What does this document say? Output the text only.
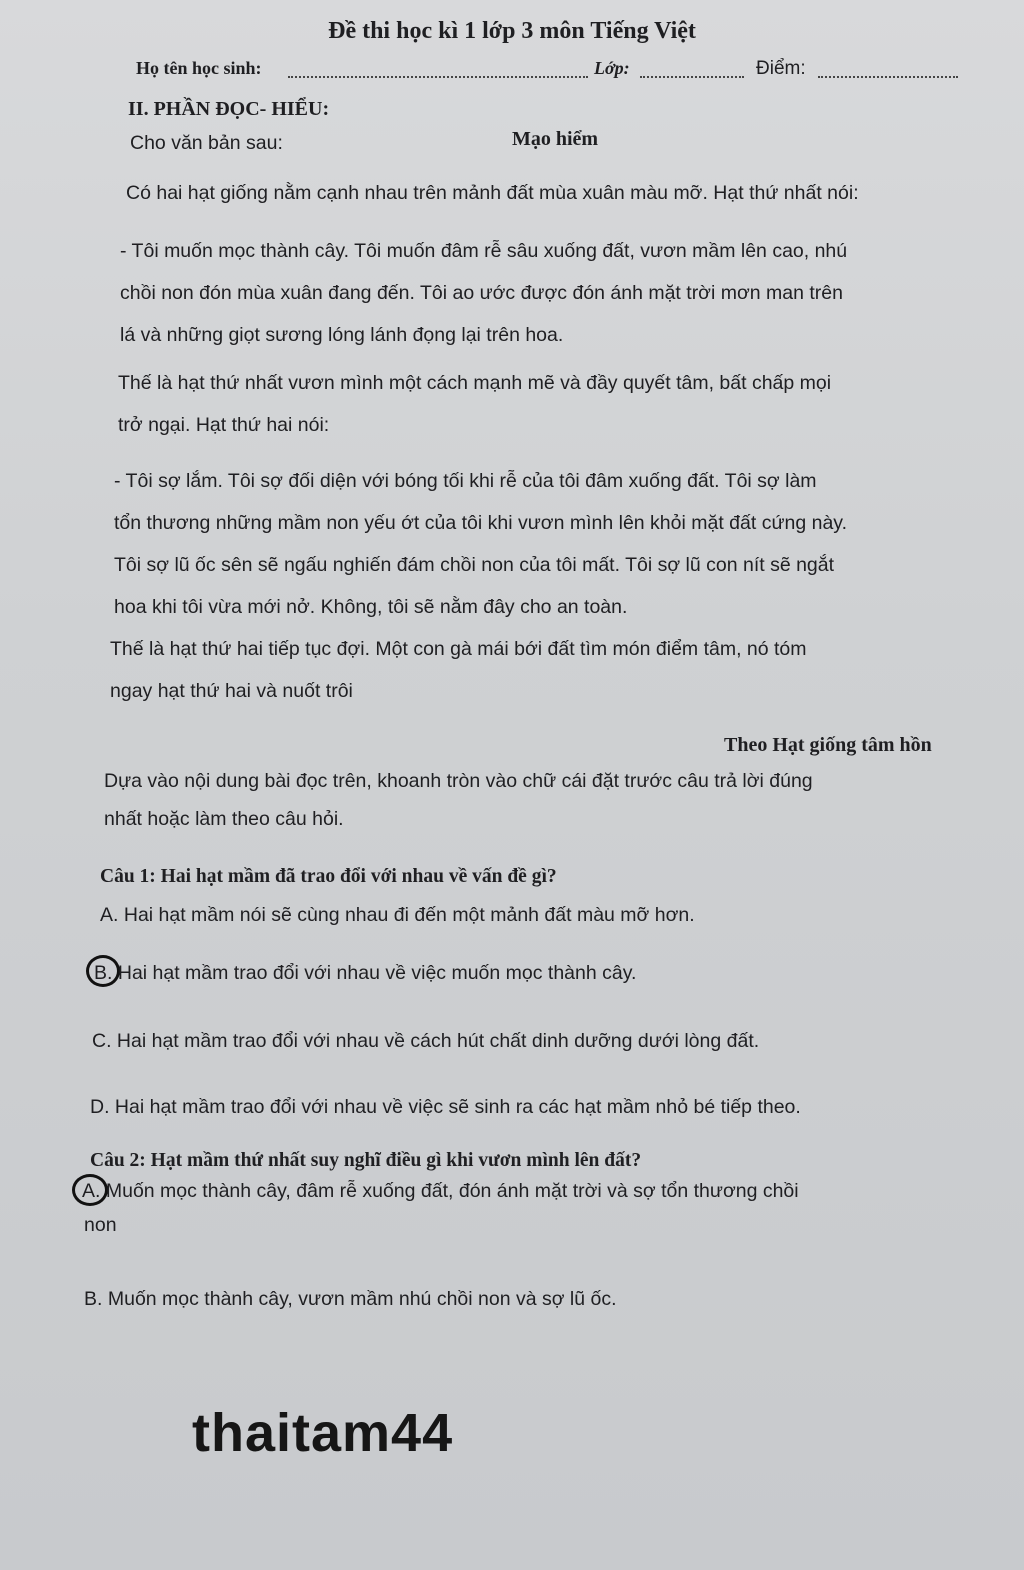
Đề thi học kì 1 lớp 3 môn Tiếng Việt
Họ tên học sinh:	Lớp:	Điểm:
II. PHẦN ĐỌC- HIỂU:
Cho văn bản sau:	Mạo hiểm
Có hai hạt giống nằm cạnh nhau trên mảnh đất mùa xuân màu mỡ. Hạt thứ nhất nói:
- Tôi muốn mọc thành cây. Tôi muốn đâm rễ sâu xuống đất, vươn mầm lên cao, nhú
chồi non đón mùa xuân đang đến. Tôi ao ước được đón ánh mặt trời mơn man trên
lá và những giọt sương lóng lánh đọng lại trên hoa.
Thế là hạt thứ nhất vươn mình một cách mạnh mẽ và đầy quyết tâm, bất chấp mọi
trở ngại. Hạt thứ hai nói:
- Tôi sợ lắm. Tôi sợ đối diện với bóng tối khi rễ của tôi đâm xuống đất. Tôi sợ làm
tổn thương những mầm non yếu ớt của tôi khi vươn mình lên khỏi mặt đất cứng này.
Tôi sợ lũ ốc sên sẽ ngấu nghiến đám chồi non của tôi mất. Tôi sợ lũ con nít sẽ ngắt
hoa khi tôi vừa mới nở. Không, tôi sẽ nằm đây cho an toàn.
Thế là hạt thứ hai tiếp tục đợi. Một con gà mái bới đất tìm món điểm tâm, nó tóm
ngay hạt thứ hai và nuốt trôi
Theo Hạt giống tâm hồn
Dựa vào nội dung bài đọc trên, khoanh tròn vào chữ cái đặt trước câu trả lời đúng
nhất hoặc làm theo câu hỏi.
Câu 1: Hai hạt mầm đã trao đổi với nhau về vấn đề gì?
A. Hai hạt mầm nói sẽ cùng nhau đi đến một mảnh đất màu mỡ hơn.
B. Hai hạt mầm trao đổi với nhau về việc muốn mọc thành cây.
C. Hai hạt mầm trao đổi với nhau về cách hút chất dinh dưỡng dưới lòng đất.
D. Hai hạt mầm trao đổi với nhau về việc sẽ sinh ra các hạt mầm nhỏ bé tiếp theo.
Câu 2: Hạt mầm thứ nhất suy nghĩ điều gì khi vươn mình lên đất?
A. Muốn mọc thành cây, đâm rễ xuống đất, đón ánh mặt trời và sợ tổn thương chồi
non
B. Muốn mọc thành cây, vươn mầm nhú chồi non và sợ lũ ốc.
thaitam44
